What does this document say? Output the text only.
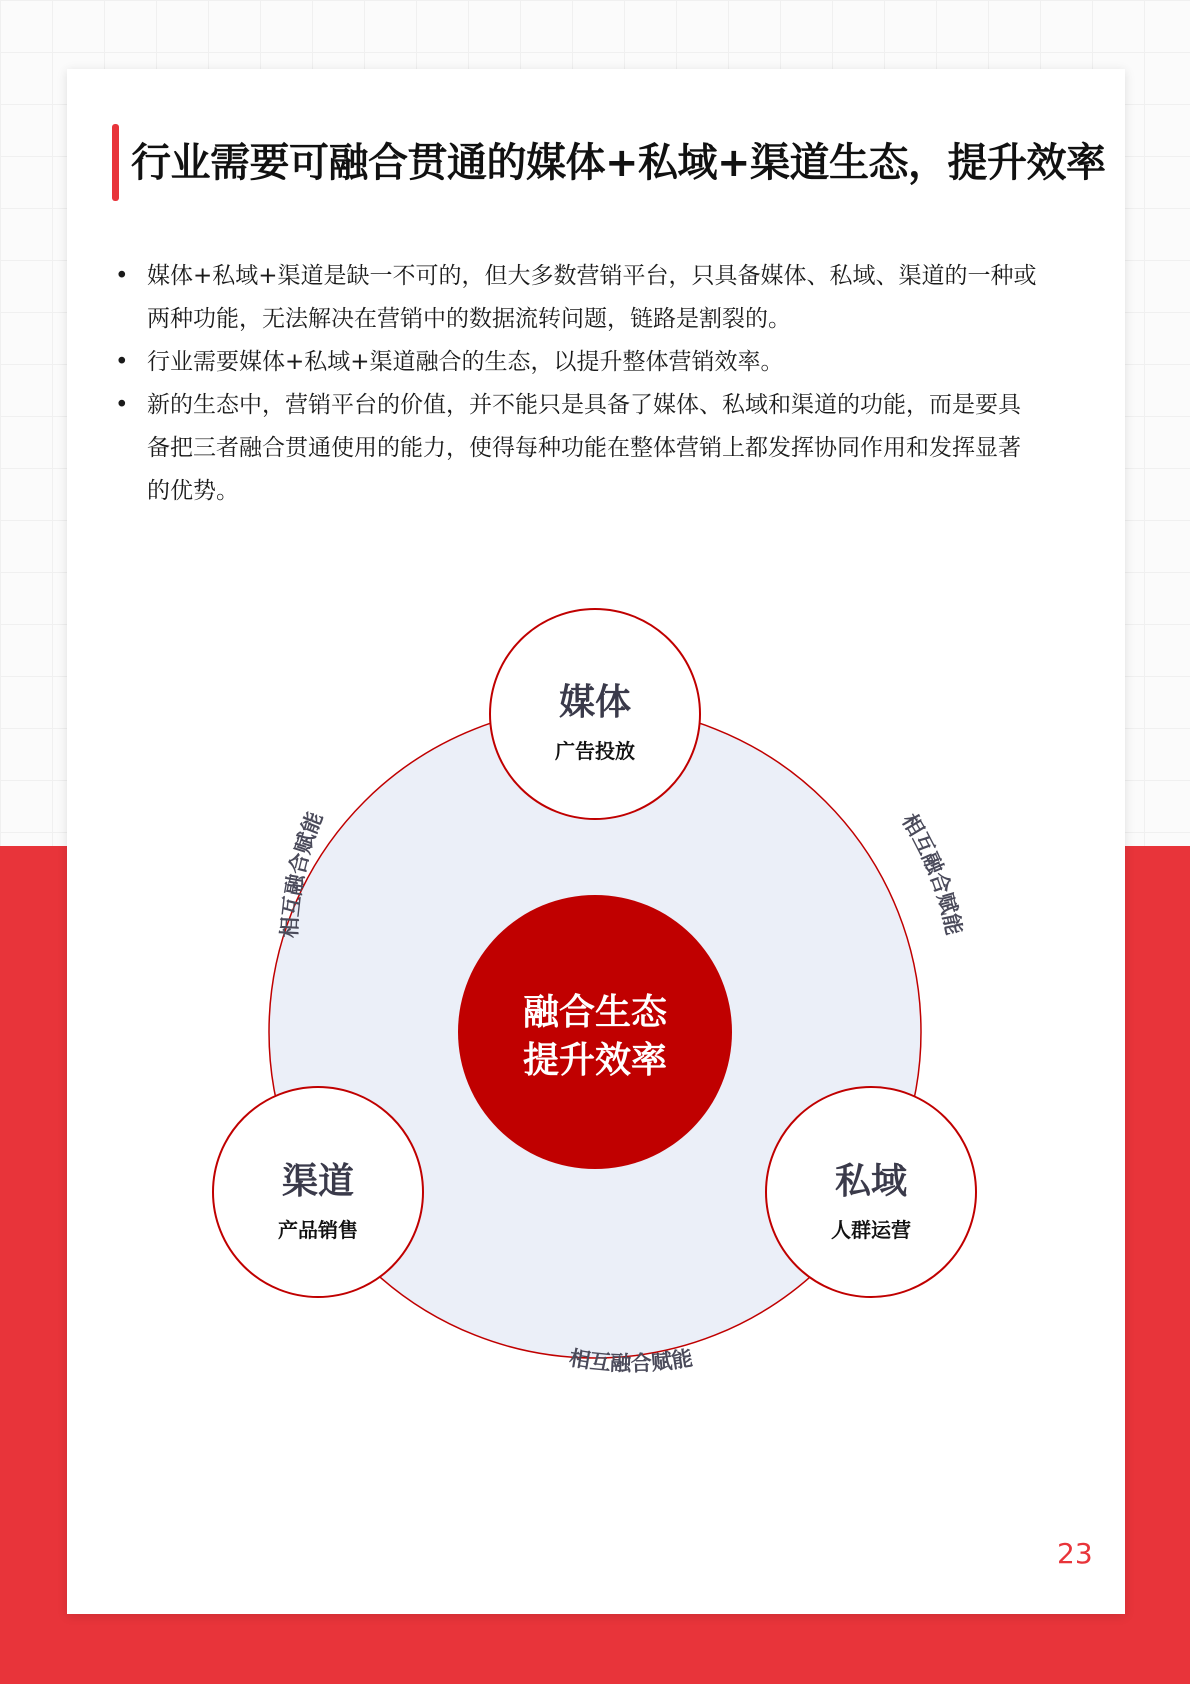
行业需要可融合贯通的媒体+私域+渠道生态，提升效率
• 媒体+私域+渠道是缺一不可的，但大多数营销平台，只具备媒体、私域、渠道的一种或
两种功能，无法解决在营销中的数据流转问题，链路是割裂的。
• 行业需要媒体+私域+渠道融合的生态，以提升整体营销效率。
• 新的生态中，营销平台的价值，并不能只是具备了媒体、私域和渠道的功能，而是要具
备把三者融合贯通使用的能力，使得每种功能在整体营销上都发挥协同作用和发挥显著
的优势。
融合生态
提升效率
媒体
广告投放
渠道
产品销售
私域
人群运营
相互融合赋能	相互融合赋能
相互融合赋能
23
